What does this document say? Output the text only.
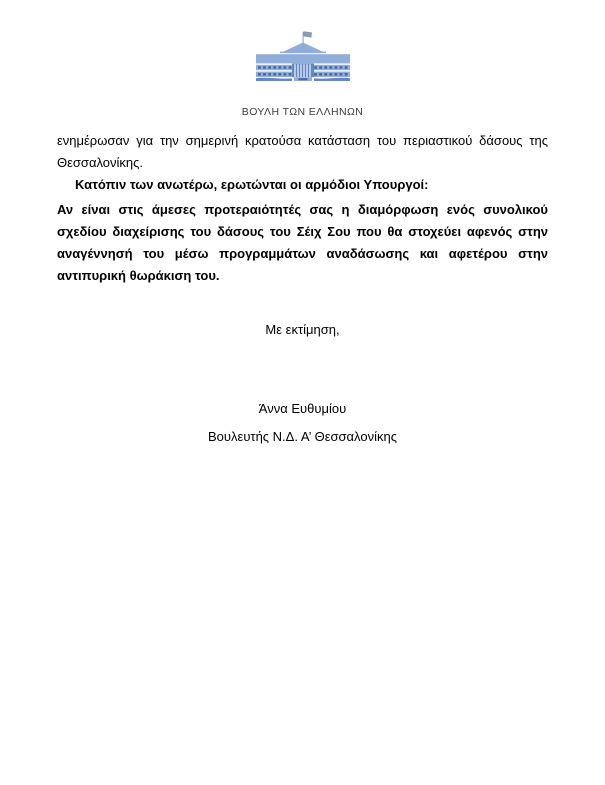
ΒΟΥΛΗ ΤΩΝ ΕΛΛΗΝΩΝ

ενημέρωσαν για την σημερινή κρατούσα κατάσταση του περιαστικού δάσους της Θεσσαλονίκης.

Κατόπιν των ανωτέρω, ερωτώνται οι αρμόδιοι Υπουργοί:

Αν είναι στις άμεσες προτεραιότητές σας η διαμόρφωση ενός συνολικού σχεδίου διαχείρισης του δάσους του Σέιχ Σου που θα στοχεύει αφενός στην αναγέννησή του μέσω προγραμμάτων αναδάσωσης και αφετέρου στην αντιπυρική θωράκιση του.

Με εκτίμηση,
Άννα Ευθυμίου
Βουλευτής Ν.Δ. Α’ Θεσσαλονίκης
